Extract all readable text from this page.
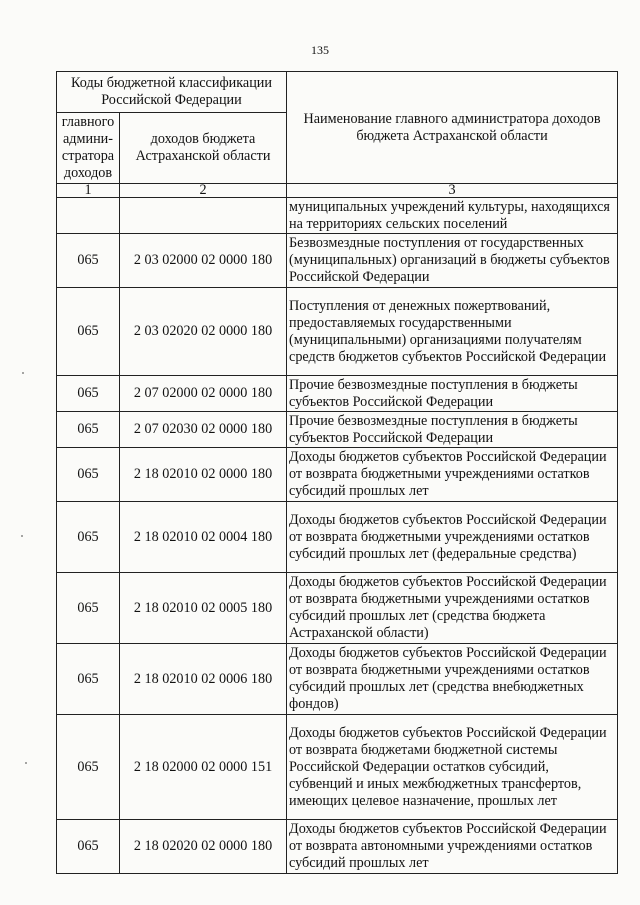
135
Коды бюджетной классификации Российской Федерации		Наименование главного администратора доходов бюджета Астраханской области
главного админи-стратора доходов	доходов бюджета Астраханской области	
1	2	3
		муниципальных учреждений культуры, находящихся на территориях сельских поселений
065	2 03 02000 02 0000 180	Безвозмездные поступления от государственных (муниципальных) организаций в бюджеты субъектов Российской Федерации
065	2 03 02020 02 0000 180	Поступления от денежных пожертвований, предоставляемых государственными (муниципальными) организациями получателям средств бюджетов субъектов Российской Федерации
065	2 07 02000 02 0000 180	Прочие безвозмездные поступления в бюджеты субъектов Российской Федерации
065	2 07 02030 02 0000 180	Прочие безвозмездные поступления в бюджеты субъектов Российской Федерации
065	2 18 02010 02 0000 180	Доходы бюджетов субъектов Российской Федерации от возврата бюджетными учреждениями остатков субсидий прошлых лет
065	2 18 02010 02 0004 180	Доходы бюджетов субъектов Российской Федерации от возврата бюджетными учреждениями остатков субсидий прошлых лет (федеральные средства)
065	2 18 02010 02 0005 180	Доходы бюджетов субъектов Российской Федерации от возврата бюджетными учреждениями остатков субсидий прошлых лет (средства бюджета Астраханской области)
065	2 18 02010 02 0006 180	Доходы бюджетов субъектов Российской Федерации от возврата бюджетными учреждениями остатков субсидий прошлых лет (средства внебюджетных фондов)
065	2 18 02000 02 0000 151	Доходы бюджетов субъектов Российской Федерации от возврата бюджетами бюджетной системы Российской Федерации остатков субсидий, субвенций и иных межбюджетных трансфертов, имеющих целевое назначение, прошлых лет
065	2 18 02020 02 0000 180	Доходы бюджетов субъектов Российской Федерации от возврата автономными учреждениями остатков субсидий прошлых лет
